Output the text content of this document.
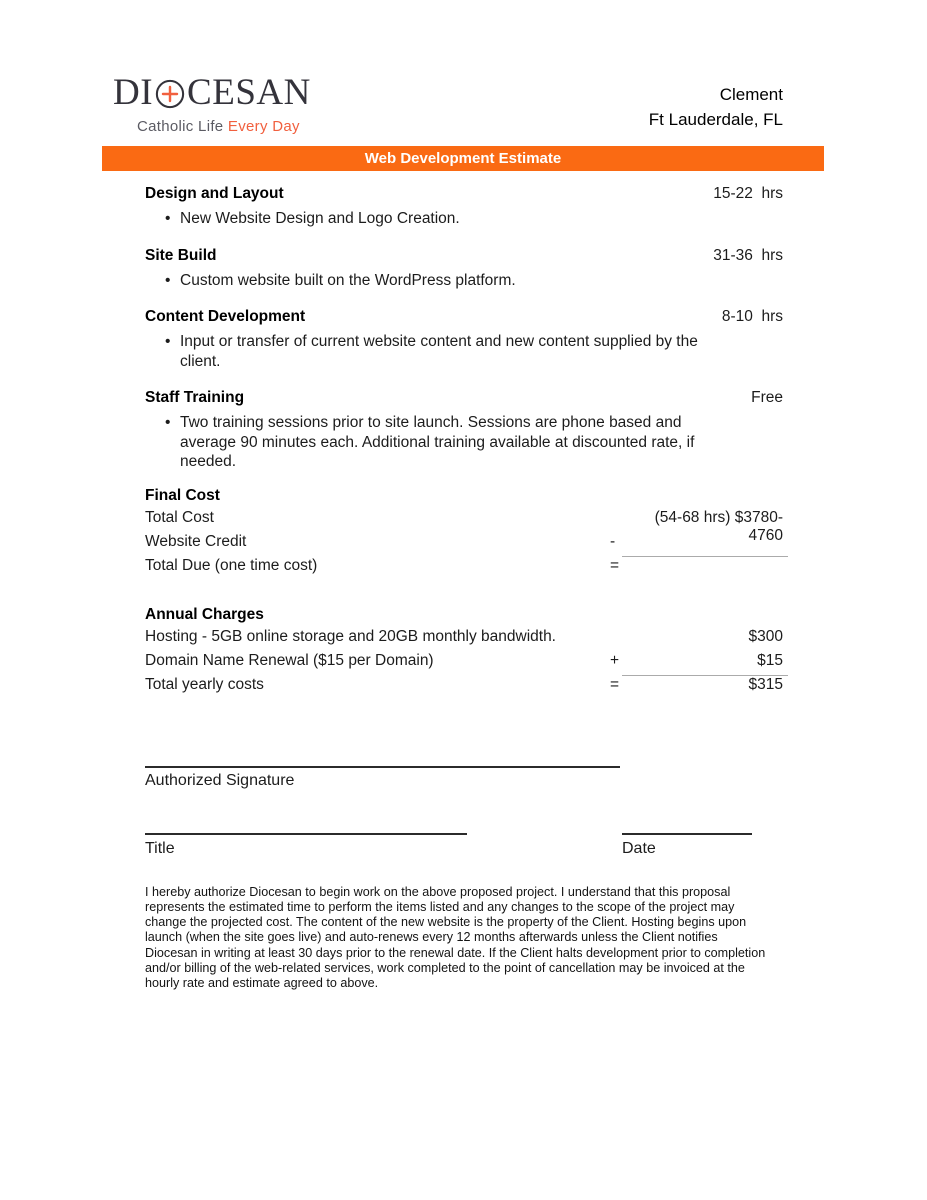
DI CESAN
Catholic Life Every Day
Clement
Ft Lauderdale, FL
Web Development Estimate
Design and Layout	15-22  hrs
• New Website Design and Logo Creation.
Site Build	31-36  hrs
• Custom website built on the WordPress platform.
Content Development	8-10  hrs
• Input or transfer of current website content and new content supplied by the client.
Staff Training	Free
• Two training sessions prior to site launch. Sessions are phone based and average 90 minutes each. Additional training available at discounted rate, if needed.
Final Cost
Total Cost	(54-68 hrs) $3780-4760
Website Credit	-
Total Due (one time cost)	=
Annual Charges
Hosting - 5GB online storage and 20GB monthly bandwidth.	$300
Domain Name Renewal ($15 per Domain)	+	$15
Total yearly costs	=	$315
Authorized Signature
Title	Date
I hereby authorize Diocesan to begin work on the above proposed project. I understand that this proposal represents the estimated time to perform the items listed and any changes to the scope of the project may change the projected cost. The content of the new website is the property of the Client. Hosting begins upon launch (when the site goes live) and auto-renews every 12 months afterwards unless the Client notifies Diocesan in writing at least 30 days prior to the renewal date. If the Client halts development prior to completion and/or billing of the web-related services, work completed to the point of cancellation may be invoiced at the hourly rate and estimate agreed to above.
